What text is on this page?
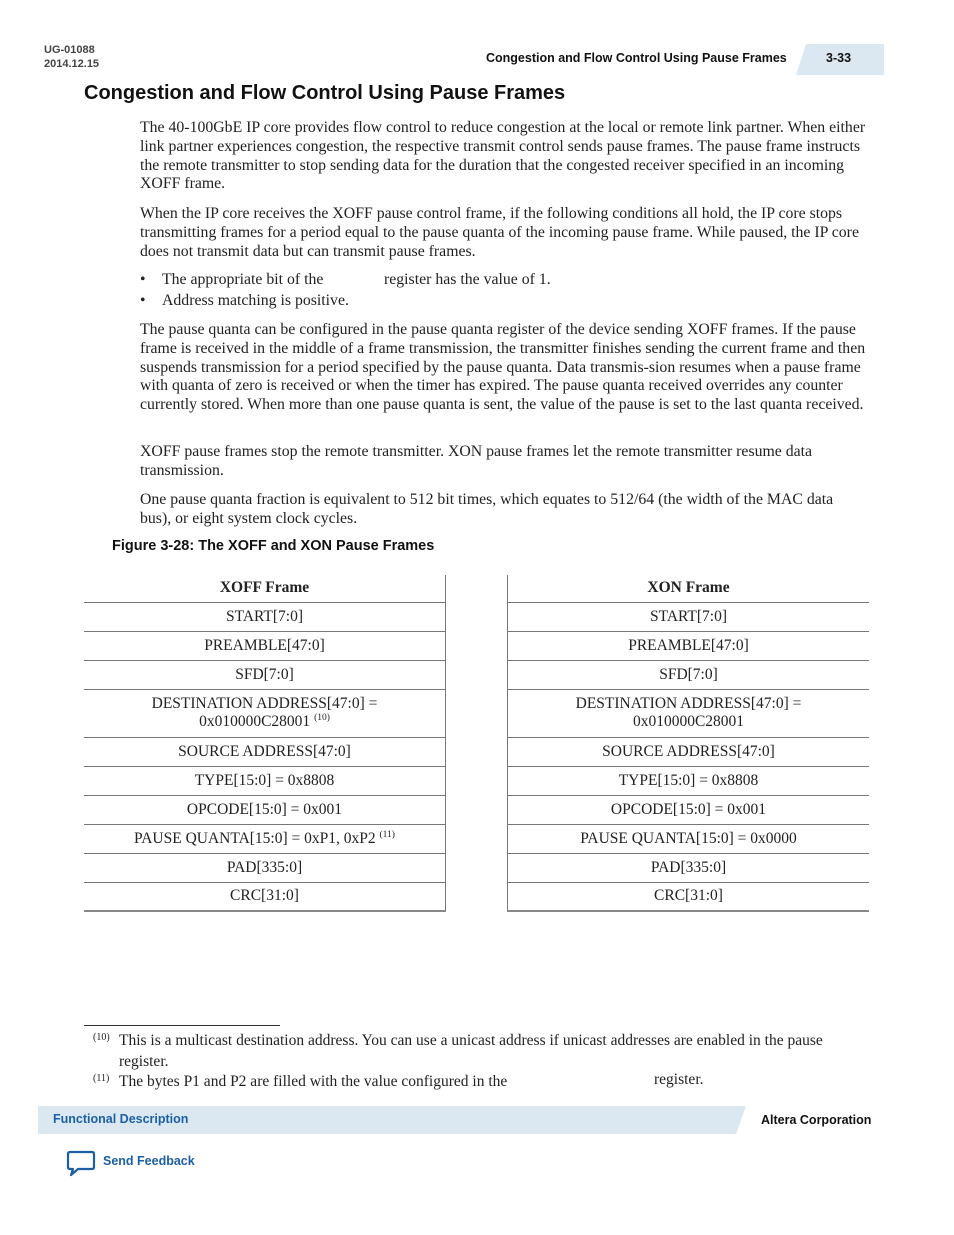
UG-01088
2014.12.15	Congestion and Flow Control Using Pause Frames	3-33
Congestion and Flow Control Using Pause Frames

The 40-100GbE IP core provides flow control to reduce congestion at the local or remote link partner. When either link partner experiences congestion, the respective transmit control sends pause frames. The pause frame instructs the remote transmitter to stop sending data for the duration that the congested receiver specified in an incoming XOFF frame.

When the IP core receives the XOFF pause control frame, if the following conditions all hold, the IP core stops transmitting frames for a period equal to the pause quanta of the incoming pause frame. While paused, the IP core does not transmit data but can transmit pause frames.

• The appropriate bit of the	register has the value of 1.
• Address matching is positive.

The pause quanta can be configured in the pause quanta register of the device sending XOFF frames. If the pause frame is received in the middle of a frame transmission, the transmitter finishes sending the current frame and then suspends transmission for a period specified by the pause quanta. Data transmis-sion resumes when a pause frame with quanta of zero is received or when the timer has expired. The pause quanta received overrides any counter currently stored. When more than one pause quanta is sent, the value of the pause is set to the last quanta received.

XOFF pause frames stop the remote transmitter. XON pause frames let the remote transmitter resume data transmission.

One pause quanta fraction is equivalent to 512 bit times, which equates to 512/64 (the width of the MAC data bus), or eight system clock cycles.

Figure 3-28: The XOFF and XON Pause Frames
XOFF Frame
START[7:0]
PREAMBLE[47:0]
SFD[7:0]
DESTINATION ADDRESS[47:0] =
0x010000C28001 $^{(10)}$
SOURCE ADDRESS[47:0]
TYPE[15:0] = 0x8808
OPCODE[15:0] = 0x001
PAUSE QUANTA[15:0] = 0xP1, 0xP2 $^{(11)}$
PAD[335:0]
CRC[31:0]
XON Frame
START[7:0]
PREAMBLE[47:0]
SFD[7:0]
DESTINATION ADDRESS[47:0] =
0x010000C28001
SOURCE ADDRESS[47:0]
TYPE[15:0] = 0x8808
OPCODE[15:0] = 0x001
PAUSE QUANTA[15:0] = 0x0000
PAD[335:0]
CRC[31:0]
(10) This is a multicast destination address. You can use a unicast address if unicast addresses are enabled in the pause register.

(11) The bytes P1 and P2 are filled with the value configured in the	register.
Functional Description	Altera Corporation
Send Feedback
